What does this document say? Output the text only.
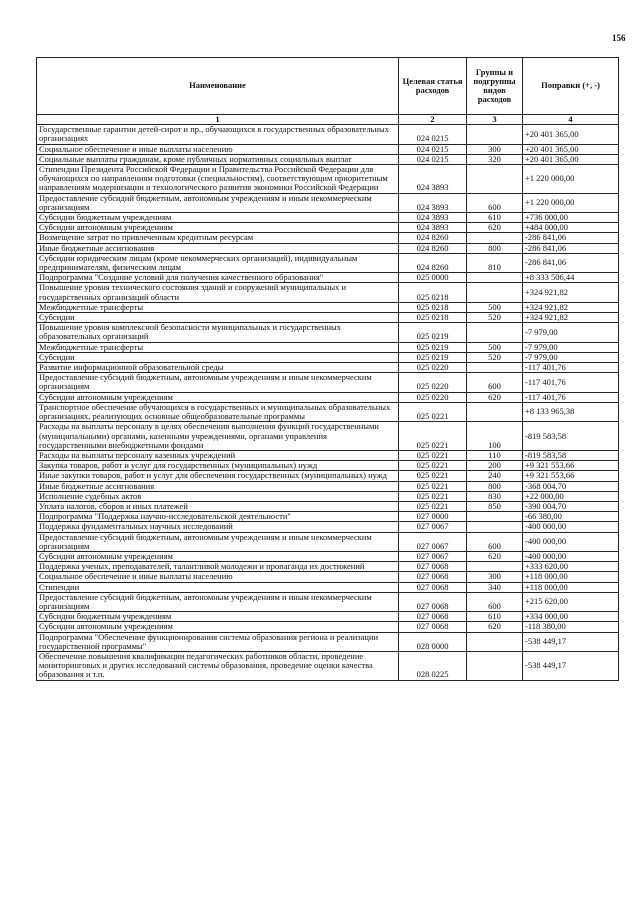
156
Наименование	Целевая статья расходов	Группы и подгруппы видов расходов	Поправки (+, -)
1	2	3	4
Государственные гарантии детей-сирот и пр., обучающихся в государственных образовательных организациях	024 0215		+20 401 365,00
Социальное обеспечение и иные выплаты населению	024 0215	300	+20 401 365,00
Социальные выплаты гражданам, кроме публичных нормативных социальных выплат	024 0215	320	+20 401 365,00
Стипендии Президента Российской Федерации и Правительства Российской Федерации для обучающихся по направлениям подготовки (специальностям), соответствующим приоритетным направлениям модернизации и технологического развития экономики Российской Федерации	024 3893		+1 220 000,00
Предоставление субсидий бюджетным, автономным учреждениям и иным некоммерческим организациям	024 3893	600	+1 220 000,00
Субсидии бюджетным учреждениям	024 3893	610	+736 000,00
Субсидии автономным учреждениям	024 3893	620	+484 000,00
Возмещение затрат по привлеченным кредитным ресурсам	024 8260		-286 841,06
Иные бюджетные ассигнования	024 8260	800	-286 841,06
Субсидии юридическим лицам (кроме некоммерческих организаций), индивидуальным предпринимателям, физическим лицам	024 8260	810	-286 841,06
Подпрограмма "Создание условий для получения качественного образования"	025 0000		+8 333 506,44
Повышение уровня технического состояния зданий и сооружений муниципальных и государственных организаций области	025 0218		+324 921,82
Межбюджетные трансферты	025 0218	500	+324 921,82
Субсидии	025 0218	520	+324 921,82
Повышение уровня комплексной безопасности муниципальных и государственных образовательных организаций	025 0219		-7 979,00
Межбюджетные трансферты	025 0219	500	-7 979,00
Субсидии	025 0219	520	-7 979,00
Развитие информационной образовательной среды	025 0220		-117 401,76
Предоставление субсидий бюджетным, автономным учреждениям и иным некоммерческим организациям	025 0220	600	-117 401,76
Субсидии автономным учреждениям	025 0220	620	-117 401,76
Транспортное обеспечение обучающихся в государственных и муниципальных образовательных организациях, реализующих основные общеобразовательные программы	025 0221		+8 133 965,38
Расходы на выплаты персоналу в целях обеспечения выполнения функций государственными (муниципальными) органами, казенными учреждениями, органами управления государственными внебюджетными фондами	025 0221	100	-819 583,58
Расходы на выплаты персоналу казенных учреждений	025 0221	110	-819 583,58
Закупка товаров, работ и услуг для государственных (муниципальных) нужд	025 0221	200	+9 321 553,66
Иные закупки товаров, работ и услуг для обеспечения государственных (муниципальных) нужд	025 0221	240	+9 321 553,66
Иные бюджетные ассигнования	025 0221	800	-368 004,70
Исполнение судебных актов	025 0221	830	+22 000,00
Уплата налогов, сборов и иных платежей	025 0221	850	-390 004,70
Подпрограмма "Поддержка научно-исследовательской деятельности"	027 0000		-66 380,00
Поддержка фундаментальных научных исследований	027 0067		-400 000,00
Предоставление субсидий бюджетным, автономным учреждениям и иным некоммерческим организациям	027 0067	600	-400 000,00
Субсидии автономным учреждениям	027 0067	620	-400 000,00
Поддержка ученых, преподавателей, талантливой молодежи и пропаганда их достижений	027 0068		+333 620,00
Социальное обеспечение и иные выплаты населению	027 0068	300	+118 000,00
Стипендии	027 0068	340	+118 000,00
Предоставление субсидий бюджетным, автономным учреждениям и иным некоммерческим организациям	027 0068	600	+215 620,00
Субсидии бюджетным учреждениям	027 0068	610	+334 000,00
Субсидии автономным учреждениям	027 0068	620	-118 380,00
Подпрограмма "Обеспечение функционирования системы образования региона и реализации государственной программы"	028 0000		-538 449,17
Обеспечение повышения квалификации педагогических работников области, проведение мониторинговых и других исследований системы образования, проведение оценки качества образования и т.п.	028 0225		-538 449,17
